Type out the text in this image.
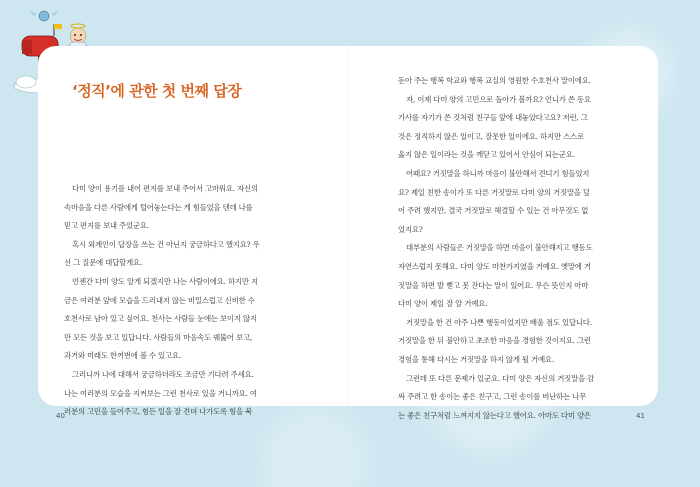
‘정직’에 관한 첫 번째 답장

다미 양이 용기를 내어 편지를 보내 주어서 고마워요. 자신의

속마음을 다른 사람에게 털어놓는다는 게 힘들었을 텐데 나를

믿고 편지를 보내 주었군요.

혹시 외계인이 답장을 쓰는 건 아닌지 궁금하다고 했지요? 우

선 그 질문에 대답할게요.

언젠간 다미 양도 알게 되겠지만 나는 사람이에요. 하지만 지

금은 여러분 앞에 모습을 드러내지 않는 비밀스럽고 신비한 수

호천사로 남아 있고 싶어요. 천사는 사람들 눈에는 보이지 않지

만 모든 것을 보고 있답니다. 사람들의 마음속도 꿰뚫어 보고,

과거와 미래도 한꺼번에 볼 수 있고요.

그러니까 나에 대해서 궁금하더라도 조금만 기다려 주세요.

나는 여러분의 모습을 지켜보는 그런 천사로 있을 거니까요. 여

러분의 고민을 들어주고, 힘든 일을 잘 견뎌 나가도록 힘을 북

돋아 주는 행복 학교와 행복 교실의 영원한 수호천사 말이에요.

자, 이제 다미 양의 고민으로 돌아가 볼까요? 언니가 쓴 동요

가사를 자기가 쓴 것처럼 친구들 앞에 내놓았다고요? 저런, 그

것은 정직하지 않은 일이고, 잘못한 일이에요. 하지만 스스로

옳지 않은 일이라는 것을 깨닫고 있어서 안심이 되는군요.

어때요? 거짓말을 하니까 마음이 불안해서 견디기 힘들었지

요? 제일 친한 송이가 또 다른 거짓말로 다미 양의 거짓말을 덮

어 주려 했지만, 결국 거짓말로 해결할 수 있는 건 아무것도 없

었지요?

대부분의 사람들은 거짓말을 하면 마음이 불안해지고 행동도

자연스럽지 못해요. 다미 양도 마찬가지였을 거예요. 옛말에 거

짓말을 하면 발 뻗고 못 잔다는 말이 있어요. 무슨 뜻인지 아마

다미 양이 제일 잘 알 거예요.

거짓말을 한 건 아주 나쁜 행동이었지만 배울 점도 있답니다.

거짓말을 한 뒤 불안하고 초조한 마음을 경험한 것이지요. 그런

경험을 통해 다시는 거짓말을 하지 않게 될 거예요.

그런데 또 다른 문제가 있군요. 다미 양은 자신의 거짓말을 감

싸 주려고 한 송이는 좋은 친구고, 그런 송이를 비난하는 나무

는 좋은 친구처럼 느껴지지 않는다고 했어요. 아마도 다미 양은

40	41
